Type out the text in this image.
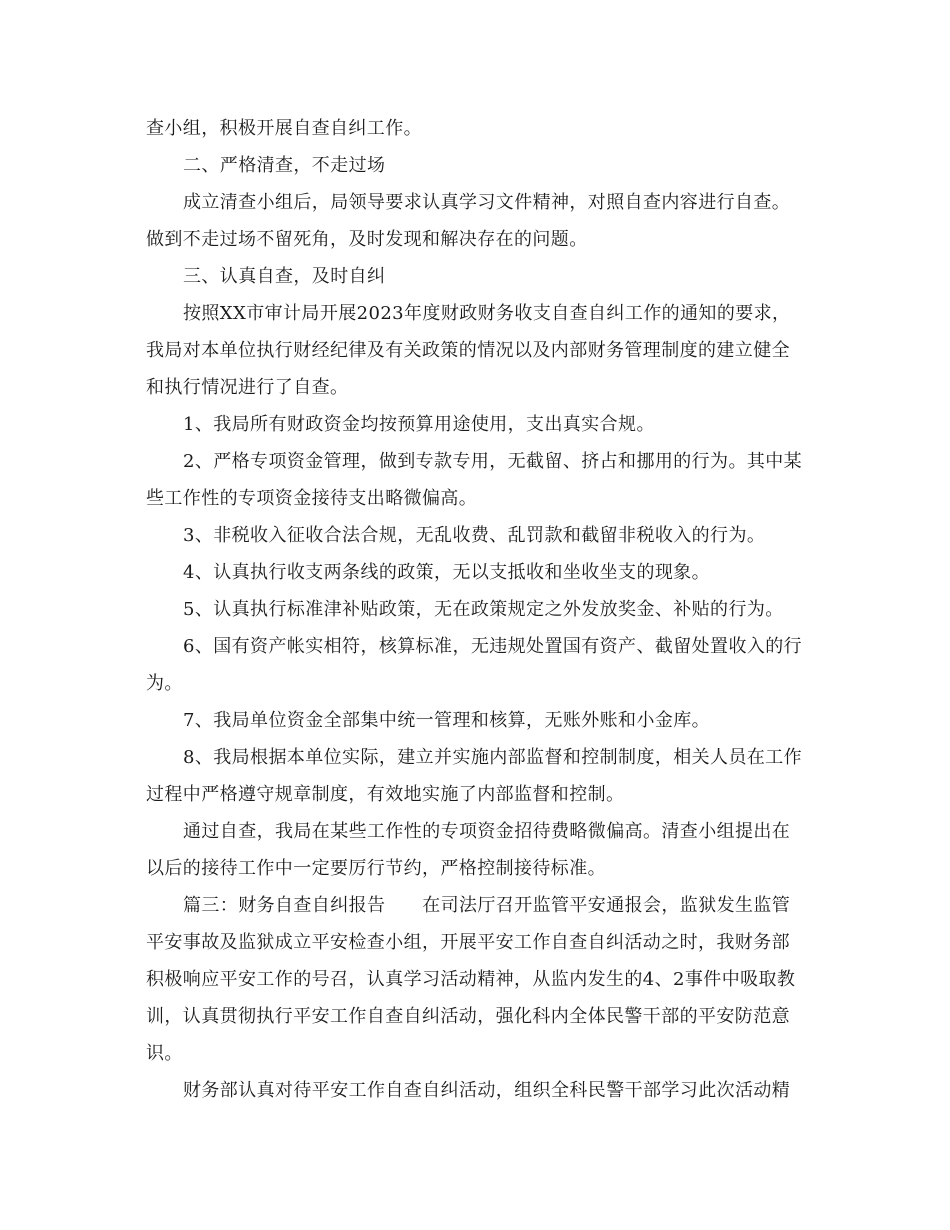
查小组，积极开展自查自纠工作。
二、严格清查，不走过场
成立清查小组后，局领导要求认真学习文件精神，对照自查内容进行自查。
做到不走过场不留死角，及时发现和解决存在的问题。
三、认真自查，及时自纠
按照XX市审计局开展2023年度财政财务收支自查自纠工作的通知的要求，
我局对本单位执行财经纪律及有关政策的情况以及内部财务管理制度的建立健全
和执行情况进行了自查。
1、我局所有财政资金均按预算用途使用，支出真实合规。
2、严格专项资金管理，做到专款专用，无截留、挤占和挪用的行为。其中某
些工作性的专项资金接待支出略微偏高。
3、非税收入征收合法合规，无乱收费、乱罚款和截留非税收入的行为。
4、认真执行收支两条线的政策，无以支抵收和坐收坐支的现象。
5、认真执行标准津补贴政策，无在政策规定之外发放奖金、补贴的行为。
6、国有资产帐实相符，核算标准，无违规处置国有资产、截留处置收入的行
为。
7、我局单位资金全部集中统一管理和核算，无账外账和小金库。
8、我局根据本单位实际，建立并实施内部监督和控制制度，相关人员在工作
过程中严格遵守规章制度，有效地实施了内部监督和控制。
通过自查，我局在某些工作性的专项资金招待费略微偏高。清查小组提出在
以后的接待工作中一定要厉行节约，严格控制接待标准。
篇三：财务自查自纠报告　　在司法厅召开监管平安通报会，监狱发生监管
平安事故及监狱成立平安检查小组，开展平安工作自查自纠活动之时，我财务部
积极响应平安工作的号召，认真学习活动精神，从监内发生的4、2事件中吸取教
训，认真贯彻执行平安工作自查自纠活动，强化科内全体民警干部的平安防范意
识。
财务部认真对待平安工作自查自纠活动，组织全科民警干部学习此次活动精
